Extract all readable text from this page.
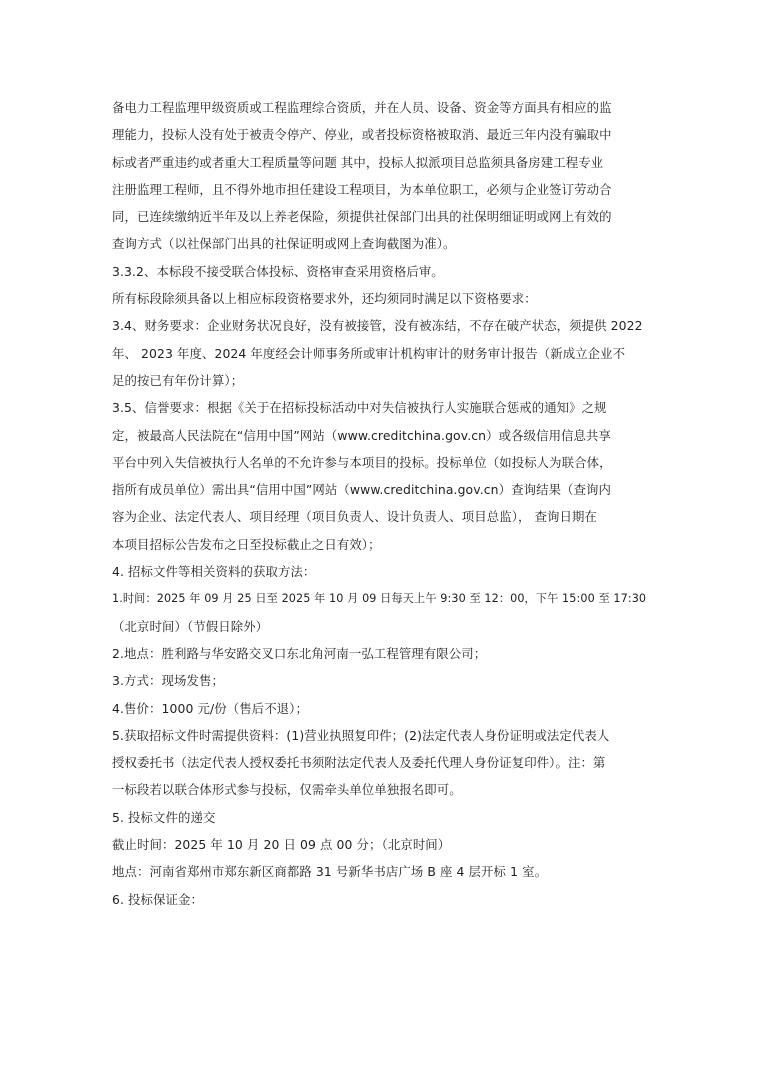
备电力工程监理甲级资质或工程监理综合资质，并在人员、设备、资金等方面具有相应的监
理能力，投标人没有处于被责令停产、停业，或者投标资格被取消、最近三年内没有骗取中
标或者严重违约或者重大工程质量等问题 其中，投标人拟派项目总监须具备房建工程专业
注册监理工程师，且不得外地市担任建设工程项目，为本单位职工，必须与企业签订劳动合
同，已连续缴纳近半年及以上养老保险，须提供社保部门出具的社保明细证明或网上有效的
查询方式（以社保部门出具的社保证明或网上查询截图为准）。
3.3.2、本标段不接受联合体投标、资格审查采用资格后审。
所有标段除须具备以上相应标段资格要求外，还均须同时满足以下资格要求：
3.4、财务要求：企业财务状况良好，没有被接管，没有被冻结，不存在破产状态，须提供 2022
年、 2023 年度、2024 年度经会计师事务所或审计机构审计的财务审计报告（新成立企业不
足的按已有年份计算）；
3.5、信誉要求：根据《关于在招标投标活动中对失信被执行人实施联合惩戒的通知》之规
定，被最高人民法院在“信用中国”网站（www.creditchina.gov.cn）或各级信用信息共享
平台中列入失信被执行人名单的不允许参与本项目的投标。投标单位（如投标人为联合体，
指所有成员单位）需出具“信用中国”网站（www.creditchina.gov.cn）查询结果（查询内
容为企业、法定代表人、项目经理（项目负责人、设计负责人、项目总监）， 查询日期在
本项目招标公告发布之日至投标截止之日有效）；
4. 招标文件等相关资料的获取方法：
1.时间：2025 年 09 月 25 日至 2025 年 10 月 09 日每天上午 9:30 至 12：00，下午 15:00 至 17:30
（北京时间）（节假日除外）
2.地点：胜利路与华安路交叉口东北角河南一弘工程管理有限公司；
3.方式：现场发售；
4.售价：1000 元/份（售后不退）；
5.获取招标文件时需提供资料：(1)营业执照复印件；(2)法定代表人身份证明或法定代表人
授权委托书（法定代表人授权委托书须附法定代表人及委托代理人身份证复印件）。注：第
一标段若以联合体形式参与投标，仅需牵头单位单独报名即可。
5. 投标文件的递交
截止时间：2025 年 10 月 20 日 09 点 00 分；（北京时间）
地点：河南省郑州市郑东新区商都路 31 号新华书店广场 B 座 4 层开标 1 室。
6. 投标保证金：
